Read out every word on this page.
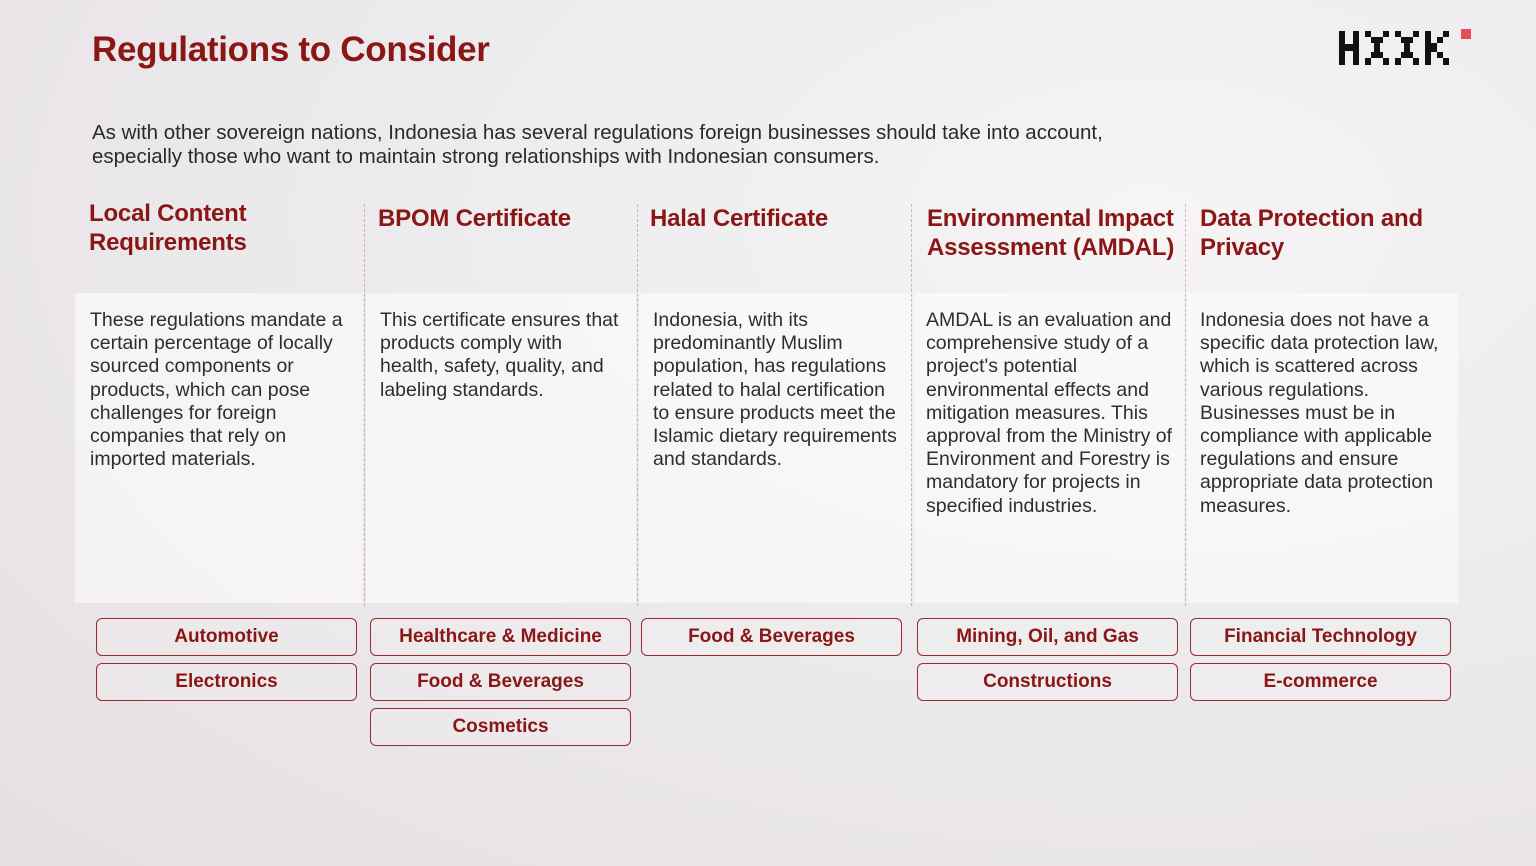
Regulations to Consider

As with other sovereign nations, Indonesia has several regulations foreign businesses should take into account, especially those who want to maintain strong relationships with Indonesian consumers.

Local Content Requirements

These regulations mandate a certain percentage of locally sourced components or products, which can pose challenges for foreign companies that rely on imported materials.

BPOM Certificate

This certificate ensures that products comply with health, safety, quality, and labeling standards.

Halal Certificate

Indonesia, with its predominantly Muslim population, has regulations related to halal certification to ensure products meet the Islamic dietary requirements and standards.

Environmental Impact Assessment (AMDAL)

AMDAL is an evaluation and comprehensive study of a project's potential environmental effects and mitigation measures. This approval from the Ministry of Environment and Forestry is mandatory for projects in specified industries.

Data Protection and Privacy

Indonesia does not have a specific data protection law, which is scattered across various regulations. Businesses must be in compliance with applicable regulations and ensure appropriate data protection measures.

Automotive
Electronics
Healthcare & Medicine
Food & Beverages
Cosmetics
Food & Beverages	Mining, Oil, and Gas
Constructions
Financial Technology
E-commerce
